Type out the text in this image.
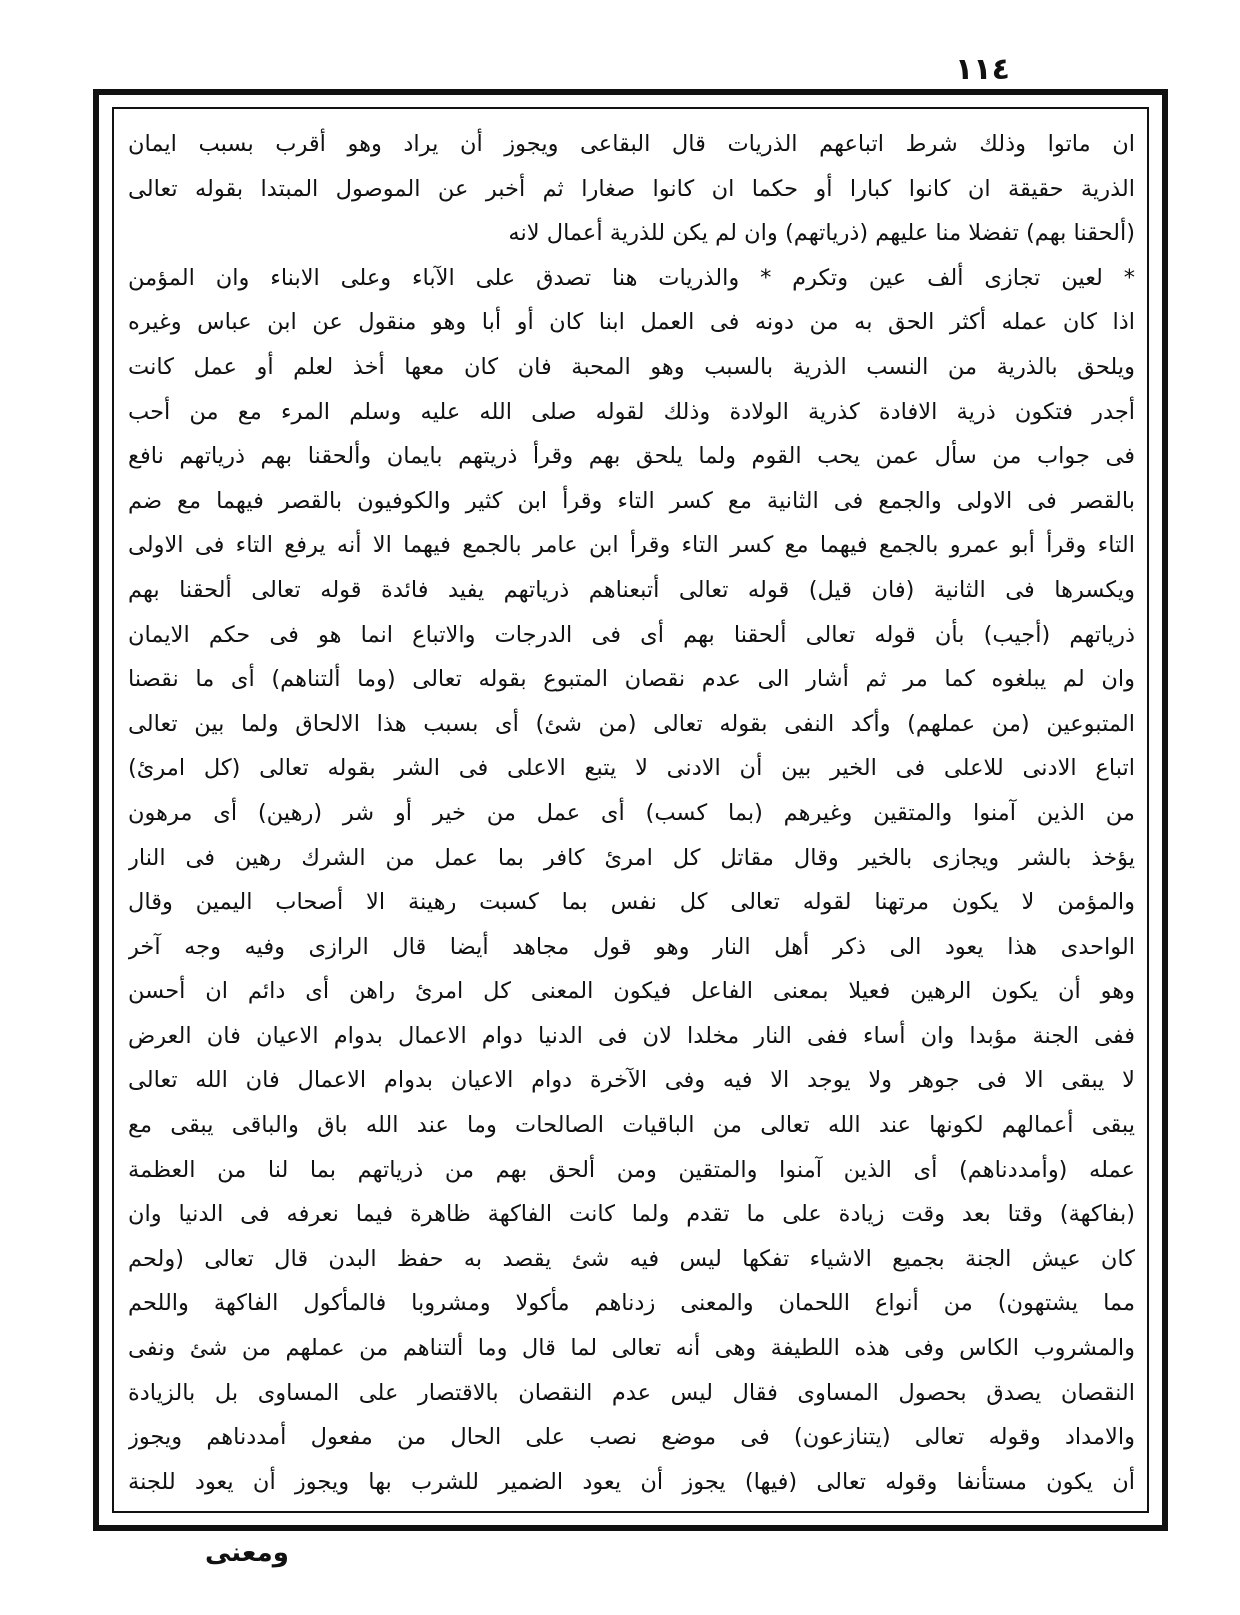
١١٤
ان ماتوا وذلك شرط اتباعهم الذريات قال البقاعى ويجوز أن يراد وهو أقرب بسبب ايمان
الذرية حقيقة ان كانوا كبارا أو حكما ان كانوا صغارا ثم أخبر عن الموصول المبتدا بقوله تعالى
(ألحقنا بهم) تفضلا منا عليهم (ذرياتهم) وان لم يكن للذرية أعمال لانه
* لعين تجازى ألف عين وتكرم * والذريات هنا تصدق على الآباء وعلى الابناء وان المؤمن
اذا كان عمله أكثر الحق به من دونه فى العمل ابنا كان أو أبا وهو منقول عن ابن عباس وغيره
ويلحق بالذرية من النسب الذرية بالسبب وهو المحبة فان كان معها أخذ لعلم أو عمل كانت
أجدر فتكون ذرية الافادة كذرية الولادة وذلك لقوله صلى الله عليه وسلم المرء مع من أحب
فى جواب من سأل عمن يحب القوم ولما يلحق بهم وقرأ ذريتهم بايمان وألحقنا بهم ذرياتهم نافع
بالقصر فى الاولى والجمع فى الثانية مع كسر التاء وقرأ ابن كثير والكوفيون بالقصر فيهما مع ضم
التاء وقرأ أبو عمرو بالجمع فيهما مع كسر التاء وقرأ ابن عامر بالجمع فيهما الا أنه يرفع التاء فى الاولى
ويكسرها فى الثانية (فان قيل) قوله تعالى أتبعناهم ذرياتهم يفيد فائدة قوله تعالى ألحقنا بهم
ذرياتهم (أجيب) بأن قوله تعالى ألحقنا بهم أى فى الدرجات والاتباع انما هو فى حكم الايمان
وان لم يبلغوه كما مر ثم أشار الى عدم نقصان المتبوع بقوله تعالى (وما ألتناهم) أى ما نقصنا
المتبوعين (من عملهم) وأكد النفى بقوله تعالى (من شئ) أى بسبب هذا الالحاق ولما بين تعالى
اتباع الادنى للاعلى فى الخير بين أن الادنى لا يتبع الاعلى فى الشر بقوله تعالى (كل امرئ)
من الذين آمنوا والمتقين وغيرهم (بما كسب) أى عمل من خير أو شر (رهين) أى مرهون
يؤخذ بالشر ويجازى بالخير وقال مقاتل كل امرئ كافر بما عمل من الشرك رهين فى النار
والمؤمن لا يكون مرتهنا لقوله تعالى كل نفس بما كسبت رهينة الا أصحاب اليمين وقال
الواحدى هذا يعود الى ذكر أهل النار وهو قول مجاهد أيضا قال الرازى وفيه وجه آخر
وهو أن يكون الرهين فعيلا بمعنى الفاعل فيكون المعنى كل امرئ راهن أى دائم ان أحسن
ففى الجنة مؤبدا وان أساء ففى النار مخلدا لان فى الدنيا دوام الاعمال بدوام الاعيان فان العرض
لا يبقى الا فى جوهر ولا يوجد الا فيه وفى الآخرة دوام الاعيان بدوام الاعمال فان الله تعالى
يبقى أعمالهم لكونها عند الله تعالى من الباقيات الصالحات وما عند الله باق والباقى يبقى مع
عمله (وأمددناهم) أى الذين آمنوا والمتقين ومن ألحق بهم من ذرياتهم بما لنا من العظمة
(بفاكهة) وقتا بعد وقت زيادة على ما تقدم ولما كانت الفاكهة ظاهرة فيما نعرفه فى الدنيا وان
كان عيش الجنة بجميع الاشياء تفكها ليس فيه شئ يقصد به حفظ البدن قال تعالى (ولحم
مما يشتهون) من أنواع اللحمان والمعنى زدناهم مأكولا ومشروبا فالمأكول الفاكهة واللحم
والمشروب الكاس وفى هذه اللطيفة وهى أنه تعالى لما قال وما ألتناهم من عملهم من شئ ونفى
النقصان يصدق بحصول المساوى فقال ليس عدم النقصان بالاقتصار على المساوى بل بالزيادة
والامداد وقوله تعالى (يتنازعون) فى موضع نصب على الحال من مفعول أمددناهم ويجوز
أن يكون مستأنفا وقوله تعالى (فيها) يجوز أن يعود الضمير للشرب بها ويجوز أن يعود للجنة
ومعنى
